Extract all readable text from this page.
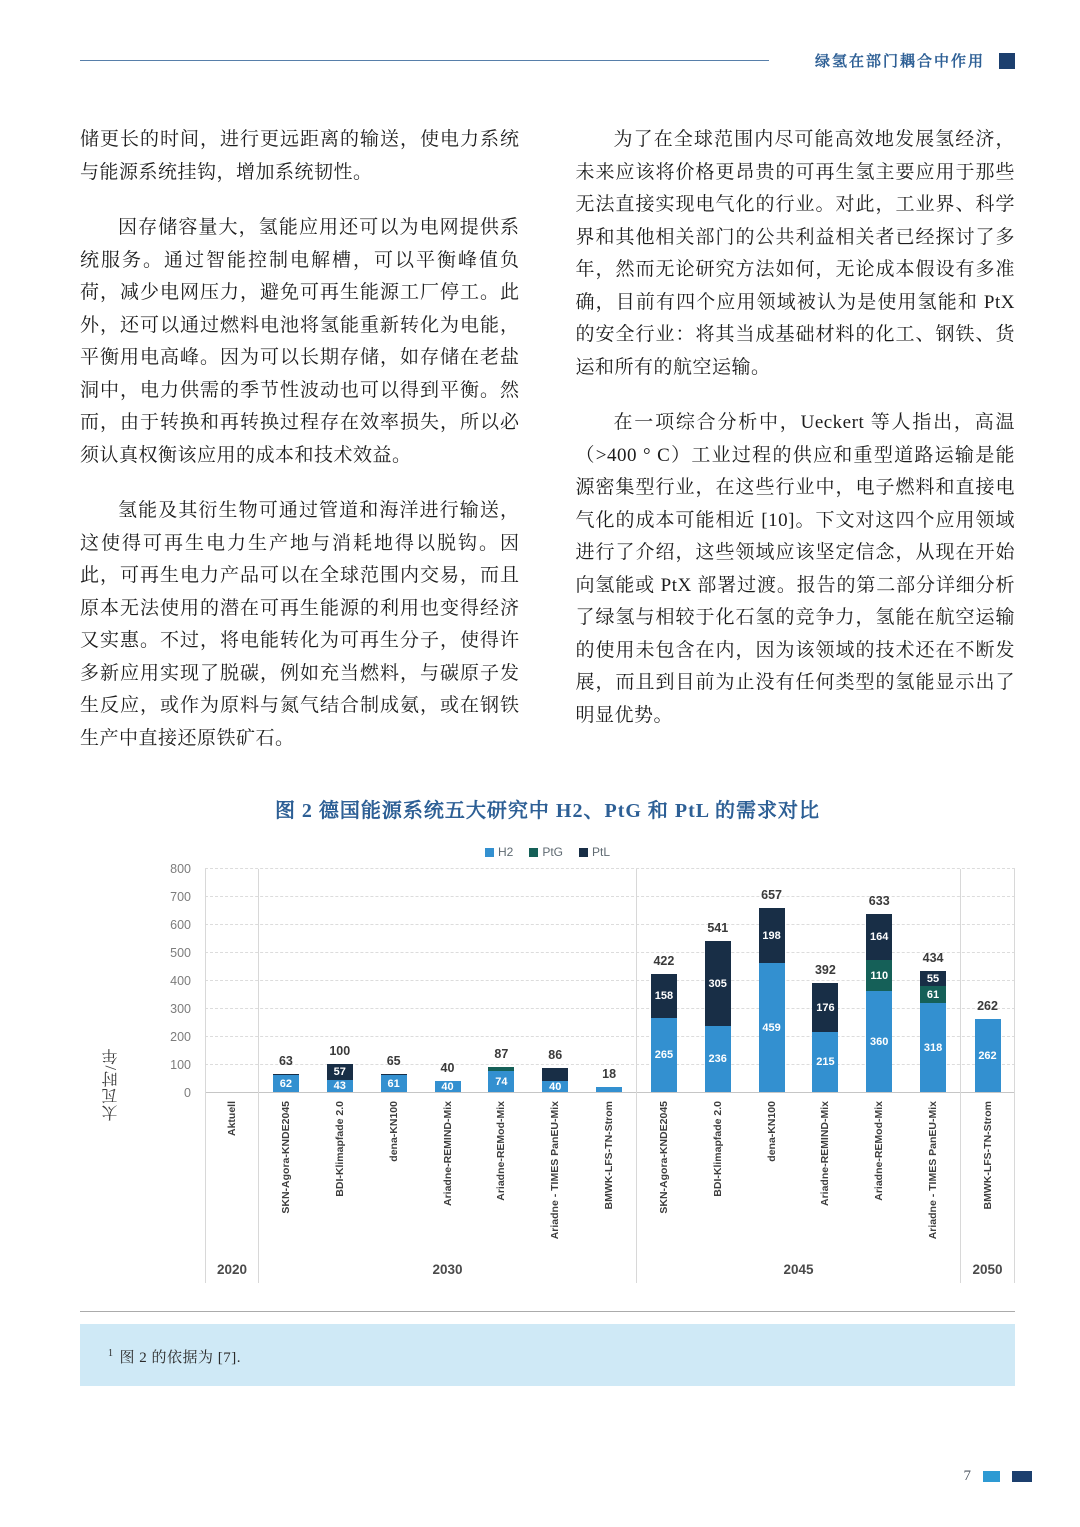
绿氢在部门耦合中作用

储更长的时间，进行更远距离的输送，使电力系统与能源系统挂钩，增加系统韧性。

因存储容量大，氢能应用还可以为电网提供系统服务。通过智能控制电解槽，可以平衡峰值负荷，减少电网压力，避免可再生能源工厂停工。此外，还可以通过燃料电池将氢能重新转化为电能，平衡用电高峰。因为可以长期存储，如存储在老盐洞中，电力供需的季节性波动也可以得到平衡。然而，由于转换和再转换过程存在效率损失，所以必须认真权衡该应用的成本和技术效益。

氢能及其衍生物可通过管道和海洋进行输送，这使得可再生电力生产地与消耗地得以脱钩。因此，可再生电力产品可以在全球范围内交易，而且原本无法使用的潜在可再生能源的利用也变得经济又实惠。不过，将电能转化为可再生分子，使得许多新应用实现了脱碳，例如充当燃料，与碳原子发生反应，或作为原料与氮气结合制成氨，或在钢铁生产中直接还原铁矿石。

为了在全球范围内尽可能高效地发展氢经济，未来应该将价格更昂贵的可再生氢主要应用于那些无法直接实现电气化的行业。对此，工业界、科学界和其他相关部门的公共利益相关者已经探讨了多年，然而无论研究方法如何，无论成本假设有多准确，目前有四个应用领域被认为是使用氢能和 PtX 的安全行业：将其当成基础材料的化工、钢铁、货运和所有的航空运输。

在一项综合分析中，Ueckert 等人指出，高温（>400 ° C）工业过程的供应和重型道路运输是能源密集型行业，在这些行业中，电子燃料和直接电气化的成本可能相近 [10]。下文对这四个应用领域进行了介绍，这些领域应该坚定信念，从现在开始向氢能或 PtX 部署过渡。报告的第二部分详细分析了绿氢与相较于化石氢的竞争力，氢能在航空运输的使用未包含在内，因为该领域的技术还在不断发展，而且到目前为止没有任何类型的氢能显示出了明显优势。

图 2 德国能源系统五大研究中 H2、PtG 和 PtL 的需求对比
H2 PtG PtL
太瓦时/年	0
100
200
300
400
500
600
700
800
Aktuell
2020
63
62
100
43
57
65
61
40
40
87
74
86
40
18
SKN-Agora-KNDE2045	BDI-Klimapfade 2.0	dena-KN100	Ariadne-REMIND-Mix	Ariadne-REMod-Mix	Ariadne - TIMES PanEU-Mix	BMWK-LFS-TN-Strom
2030
422
265
158
541
236
305
657
459
198
392
215
176
633
360
110
164
434
318
61
55
SKN-Agora-KNDE2045	BDI-Klimapfade 2.0	dena-KN100	Ariadne-REMIND-Mix	Ariadne-REMod-Mix	Ariadne - TIMES PanEU-Mix
2045
262
262
BMWK-LFS-TN-Strom
2050
$^1$ 图 2 的依据为 [7].
7
